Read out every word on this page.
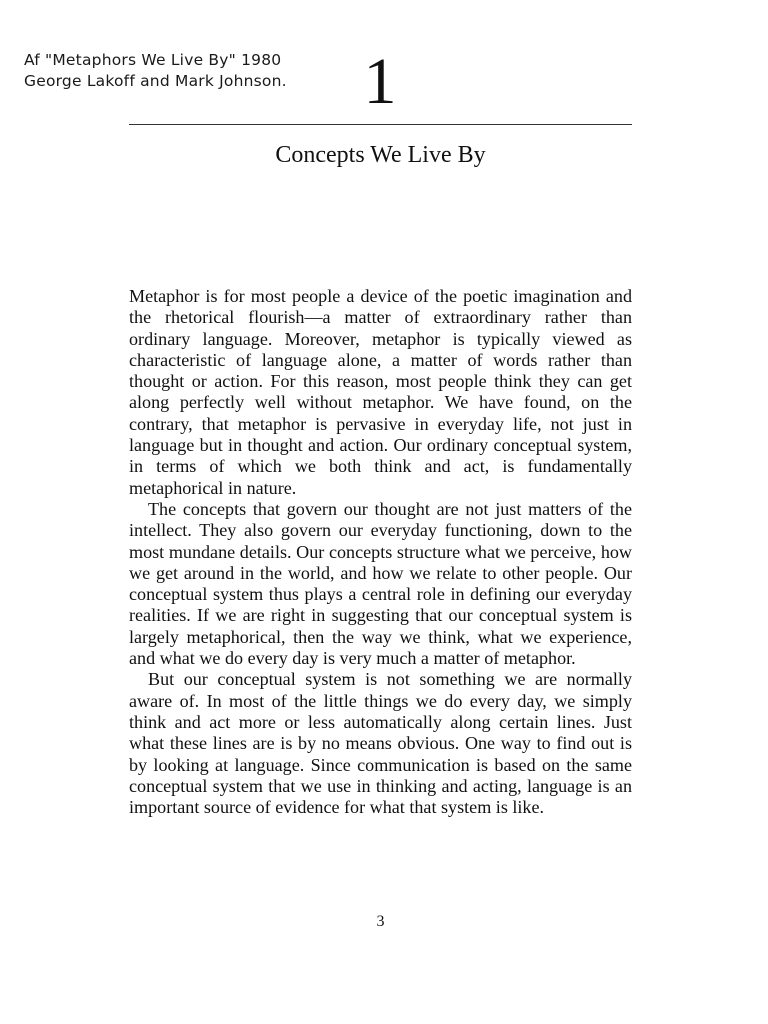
Af "Metaphors We Live By" 1980
George Lakoff and Mark Johnson. 1
Concepts We Live By

Metaphor is for most people a device of the poetic imagination and the rhetorical flourish—a matter of extraordinary rather than ordinary language. Moreover, metaphor is typically viewed as characteristic of language alone, a matter of words rather than thought or action. For this reason, most people think they can get along perfectly well without metaphor. We have found, on the contrary, that metaphor is pervasive in everyday life, not just in language but in thought and action. Our ordinary conceptual system, in terms of which we both think and act, is fundamentally metaphorical in nature.

The concepts that govern our thought are not just matters of the intellect. They also govern our everyday functioning, down to the most mundane details. Our concepts structure what we perceive, how we get around in the world, and how we relate to other people. Our conceptual system thus plays a central role in defining our everyday realities. If we are right in suggesting that our conceptual system is largely metaphorical, then the way we think, what we experience, and what we do every day is very much a matter of metaphor.

But our conceptual system is not something we are normally aware of. In most of the little things we do every day, we simply think and act more or less automatically along certain lines. Just what these lines are is by no means obvious. One way to find out is by looking at language. Since communication is based on the same conceptual system that we use in thinking and acting, language is an important source of evidence for what that system is like.

3
